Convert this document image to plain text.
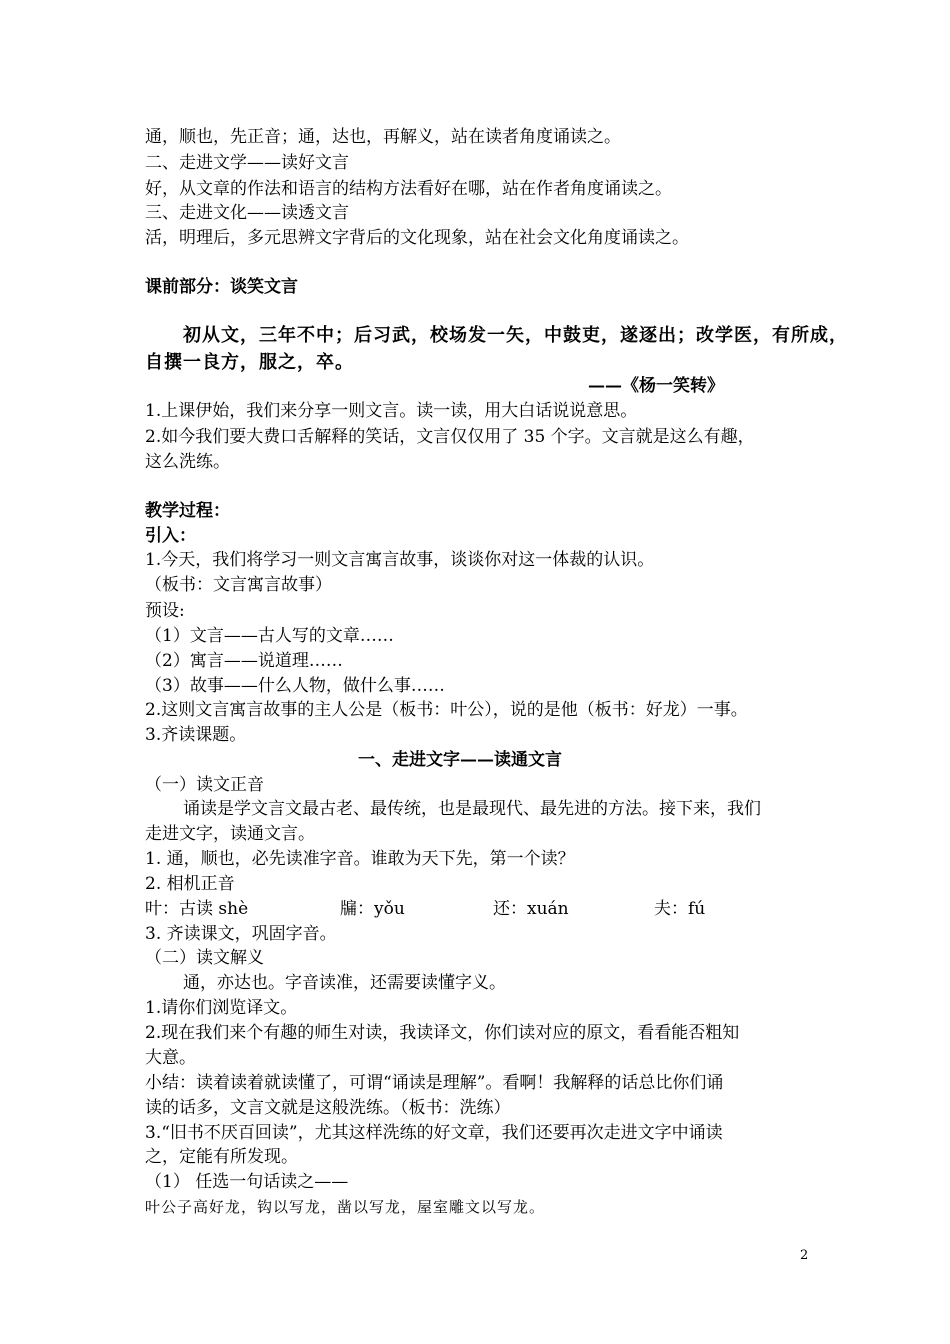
通，顺也，先正音；通，达也，再解义，站在读者角度诵读之。
二、走进文学——读好文言
好，从文章的作法和语言的结构方法看好在哪，站在作者角度诵读之。
三、走进文化——读透文言
活，明理后，多元思辨文字背后的文化现象，站在社会文化角度诵读之。
课前部分：谈笑文言
初从文，三年不中；后习武，校场发一矢，中鼓吏，遂逐出；改学医，有所成，
自撰一良方，服之，卒。
——《杨一笑转》
1.上课伊始，我们来分享一则文言。读一读，用大白话说说意思。
2.如今我们要大费口舌解释的笑话，文言仅仅用了 35 个字。文言就是这么有趣，
这么洗练。
教学过程：
引入：
1.今天，我们将学习一则文言寓言故事，谈谈你对这一体裁的认识。
（板书：文言寓言故事）
预设:
（1）文言——古人写的文章……
（2）寓言——说道理……
（3）故事——什么人物，做什么事……
2.这则文言寓言故事的主人公是（板书：叶公），说的是他（板书：好龙）一事。
3.齐读课题。
一、走进文字——读通文言
（一）读文正音
诵读是学文言文最古老、最传统，也是最现代、最先进的方法。接下来，我们
走进文字，读通文言。
1. 通，顺也，必先读准字音。谁敢为天下先，第一个读？
2. 相机正音
叶：古读 shè	牖：yǒu	还：xuán	夫：fú
3. 齐读课文，巩固字音。
（二）读文解义
通，亦达也。字音读准，还需要读懂字义。
1.请你们浏览译文。
2.现在我们来个有趣的师生对读，我读译文，你们读对应的原文，看看能否粗知
大意。
小结：读着读着就读懂了，可谓“诵读是理解”。看啊！我解释的话总比你们诵
读的话多，文言文就是这般洗练。（板书：洗练）
3.“旧书不厌百回读”，尤其这样洗练的好文章，我们还要再次走进文字中诵读
之，定能有所发现。
（1） 任选一句话读之——
叶公子高好龙，钩以写龙，凿以写龙，屋室雕文以写龙。
2
